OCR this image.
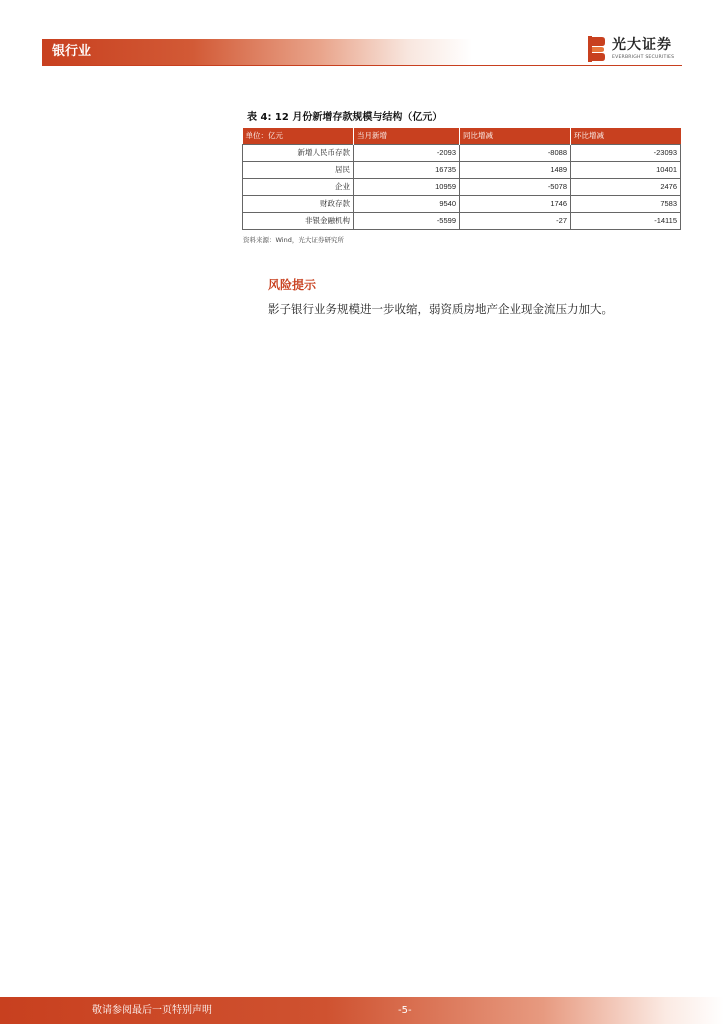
银行业	光大证券
EVERBRIGHT SECURITIES
表 4: 12 月份新增存款规模与结构（亿元）
单位：亿元	当月新增	同比增减	环比增减
新增人民币存款	-2093	-8088	-23093
居民	16735	1489	10401
企业	10959	-5078	2476
财政存款	9540	1746	7583
非银金融机构	-5599	-27	-14115
资料来源：Wind，光大证券研究所
风险提示
影子银行业务规模进一步收缩，弱资质房地产企业现金流压力加大。
敬请参阅最后一页特别声明	-5-
